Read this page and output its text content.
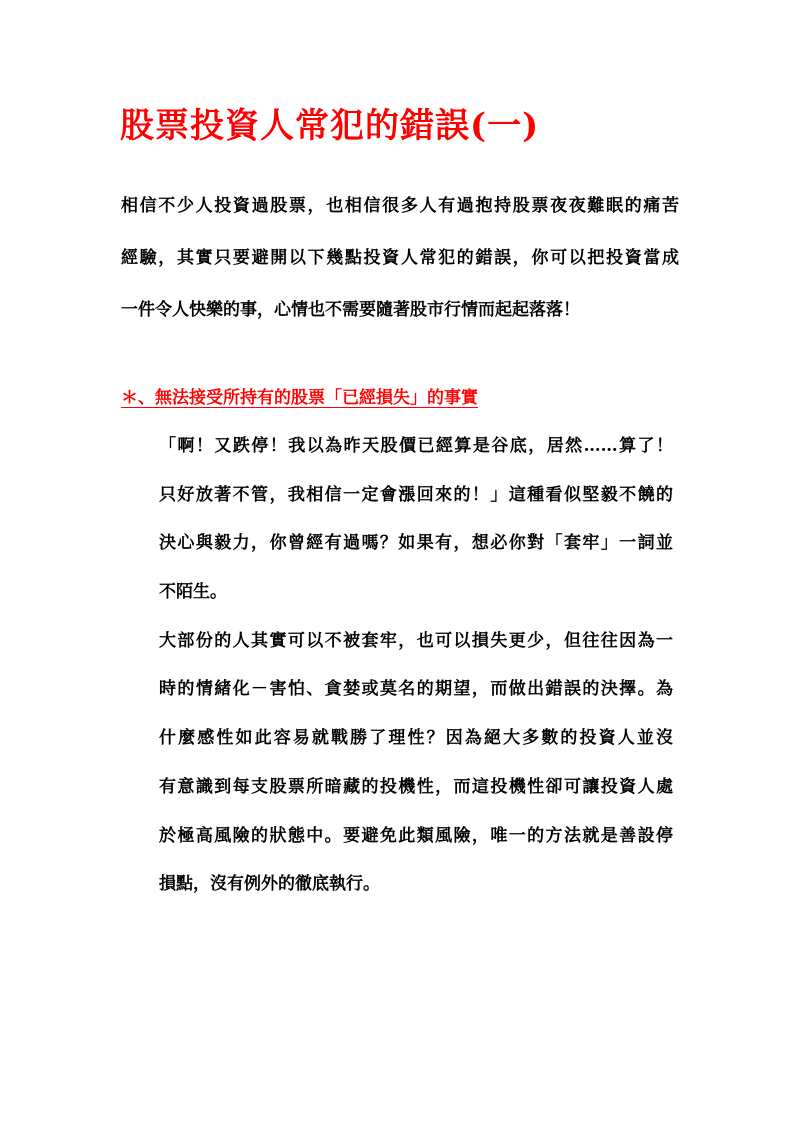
股票投資人常犯的錯誤(一)
相信不少人投資過股票，也相信很多人有過抱持股票夜夜難眠的痛苦
經驗，其實只要避開以下幾點投資人常犯的錯誤，你可以把投資當成
一件令人快樂的事，心情也不需要隨著股市行情而起起落落！
＊、無法接受所持有的股票「已經損失」的事實
「啊！又跌停！我以為昨天股價已經算是谷底，居然……算了！
只好放著不管，我相信一定會漲回來的！」這種看似堅毅不饒的
決心與毅力，你曾經有過嗎？如果有，想必你對「套牢」一詞並
不陌生。
大部份的人其實可以不被套牢，也可以損失更少，但往往因為一
時的情緒化－害怕、貪婪或莫名的期望，而做出錯誤的決擇。為
什麼感性如此容易就戰勝了理性？因為絕大多數的投資人並沒
有意識到每支股票所暗藏的投機性，而這投機性卻可讓投資人處
於極高風險的狀態中。要避免此類風險，唯一的方法就是善設停
損點，沒有例外的徹底執行。
